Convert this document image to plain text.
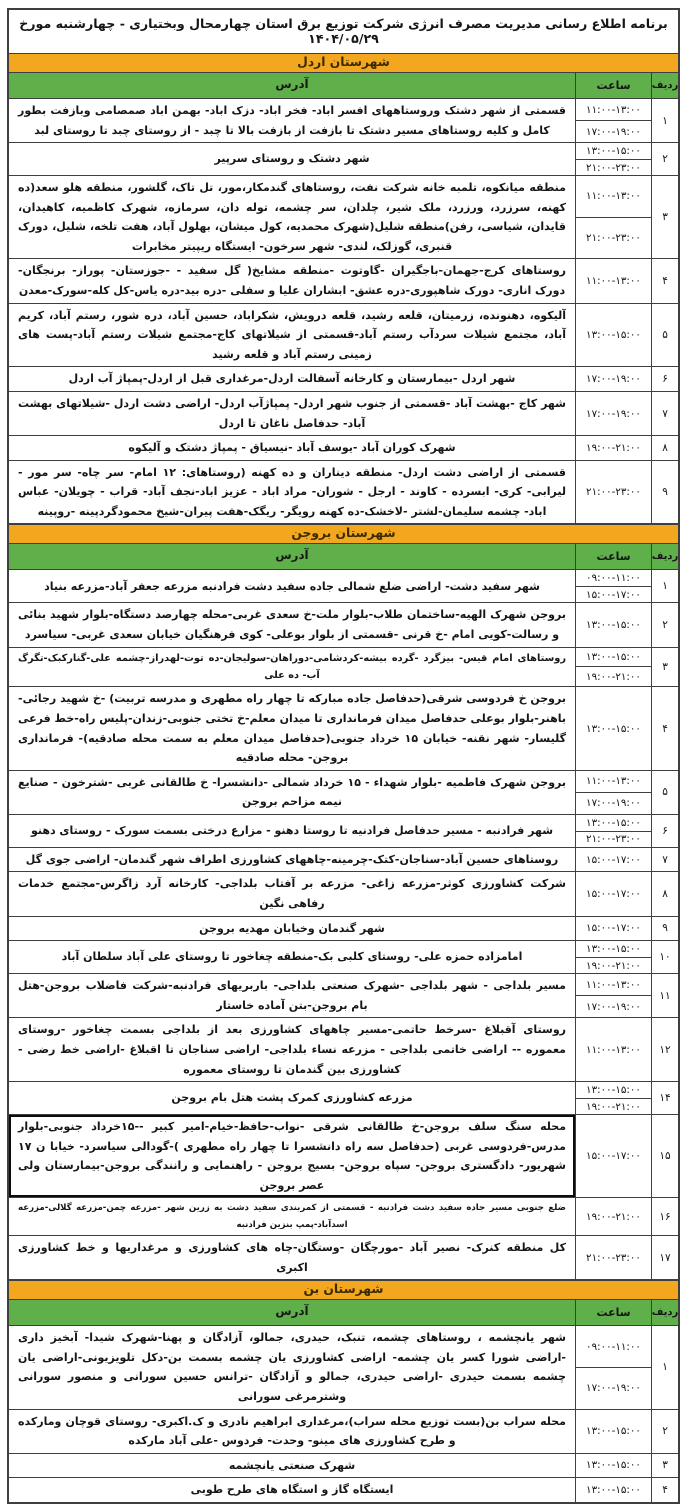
برنامه اطلاع رسانی مدیریت مصرف انرژی شرکت توزیع برق استان چهارمحال وبختیاری - چهارشنبه مورخ ۱۴۰۴/۰۵/۲۹
شهرستان اردل
ردیف
ساعت
آدرس
۱
۱۱:۰۰-۱۳:۰۰
۱۷:۰۰-۱۹:۰۰
قسمتی از شهر دشتک وروستاههای افسر اباد- فخر اباد- دزک اباد- بهمن اباد صمصامی وبازفت بطور کامل و کلیه روستاهای مسیر دشتک تا بازفت از بازفت بالا تا چبد - از روستای چبد تا روستای لبد
۲
۱۳:۰۰-۱۵:۰۰
۲۱:۰۰-۲۳:۰۰
شهر دشتک و روستای سرپیر
۳
۱۱:۰۰-۱۳:۰۰
۲۱:۰۰-۲۳:۰۰
منطقه میانکوه، تلمبه خانه شرکت نفت، روستاهای گندمکار،مور، تل تاک، گلشور، منطقه هلو سعد(ده کهنه، سرزرد، ورزرد، ملک شیر، چلدان، سر چشمه، توله دان، سرمازه، شهرک کاظمیه، کاهیدان، قایدان، شیاسی، رفن)منطقه شلیل(شهرک محمدیه، کول میشان، بهلول آباد، هفت تلخه، شلیل، دورک قنبری، گوزلک، لندی- شهر سرخون- ایستگاه ریپیتر مخابرات
۴
۱۱:۰۰-۱۳:۰۰
روستاهای کرج-جهمان-باجگیران -گاوتوت -منطقه مشایخ( گل سفید - -جوزستان- پوراز- برنجگان- دورک اناری- دورک شاهپوری-دره عشق- ابشاران علیا و سفلی -دره بید-دره یاس-کل کله-سورک-معدن
۵
۱۳:۰۰-۱۵:۰۰
آلیکوه، دهنونده، زرمیتان، قلعه رشید، قلعه درویش، شکراباد، حسین آباد، دره شور، رستم آباد، کریم آباد، مجتمع شیلات سردآب رستم آباد-قسمتی از شیلاتهای کاج-مجتمع شیلات رستم آباد-پست های زمینی رستم آباد و قلعه رشید
۶
۱۷:۰۰-۱۹:۰۰
شهر اردل -بیمارستان و کارخانه آسفالت اردل-مرغداری قبل از اردل-پمپاژ آب اردل
۷
۱۷:۰۰-۱۹:۰۰
شهر کاج -بهشت آباد -قسمتی از جنوب شهر اردل- پمپاژآب اردل- اراضی دشت اردل -شیلاتهای بهشت آباد- حدفاصل ناغان تا اردل
۸
۱۹:۰۰-۲۱:۰۰
شهرک کوران آباد -یوسف آباد -نیسیاق - پمپاژ دشتک و آلیکوه
۹
۲۱:۰۰-۲۳:۰۰
قسمتی از اراضی دشت اردل- منطقه دیناران و ده کهنه (روستاهای: ۱۲ امام- سر چاه- سر مور - لیرابی- کری- ابسرده - کاوند - ارجل - شوران- مراد اباد - عزیز اباد-نجف آباد- قراب - چویلان- عباس اباد- چشمه سلیمان-لشتر -لاخشک-ده کهنه رویگر- ریگک-هفت پیران-شیخ محمودگردپینه -روپینه
شهرستان بروجن
ردیف
ساعت
آدرس
۱
۰۹:۰۰-۱۱:۰۰
۱۵:۰۰-۱۷:۰۰
شهر سفید دشت- اراضی ضلع شمالی جاده سفید دشت فرادنبه مزرعه جعفر آباد-مزرعه بنیاد
۲
۱۳:۰۰-۱۵:۰۰
بروجن شهرک الهیه-ساختمان طلاب-بلوار ملت-خ سعدی غربی-محله چهارصد دستگاه-بلوار شهید بنائی و رسالت-کویی امام -خ قرنی -قسمتی از بلوار بوعلی- کوی فرهنگیان خیابان سعدی غربی- سیاسرد
۳
۱۳:۰۰-۱۵:۰۰
۱۹:۰۰-۲۱:۰۰
روستاهای امام قیس- بیزگرد -گرده بیشه-کردشامی-دوراهان-سولیجان-ده توت-لهدراز-چشمه علی-گنارکبک-تگرگ آب- ده علی
۴
۱۳:۰۰-۱۵:۰۰
بروجن خ فردوسی شرقی(حدفاصل جاده مبارکه تا چهار راه مطهری و مدرسه تربیت) -خ شهید رجائی-باهنر-بلوار بوعلی حدفاصل میدان فرمانداری تا میدان معلم-خ تختی جنوبی-زندان-پلیس راه-خط فرعی گلیسار- شهر نقنه- خیابان ۱۵ خرداد جنوبی(حدفاصل میدان معلم به سمت محله صادقیه)- فرمانداری بروجن- محله صادقیه
۵
۱۱:۰۰-۱۳:۰۰
۱۷:۰۰-۱۹:۰۰
بروجن شهرک فاطمیه -بلوار شهداء - ۱۵ خرداد شمالی -دانشسرا- خ طالقانی غربی -شترخون - صنایع نیمه مزاحم بروجن
۶
۱۳:۰۰-۱۵:۰۰
۲۱:۰۰-۲۳:۰۰
شهر فرادنبه - مسیر حدفاصل فرادنیه تا روستا دهنو - مزارع درختی بسمت سورک - روستای دهنو
۷
۱۵:۰۰-۱۷:۰۰
روستاهای حسین آباد-سناجان-کتک-چرمینه-چاههای کشاورزی اطراف شهر گندمان- اراضی جوی گل
۸
۱۵:۰۰-۱۷:۰۰
شرکت کشاورزی کوثر-مزرعه زاغی- مزرعه بر آفتاب بلداجی- کارخانه آرد زاگرس-مجتمع خدمات رفاهی نگین
۹
۱۵:۰۰-۱۷:۰۰
شهر گندمان وخیابان مهدیه بروجن
۱۰
۱۳:۰۰-۱۵:۰۰
۱۹:۰۰-۲۱:۰۰
امامزاده حمزه علی- روستای کلبی بک-منطقه چغاخور تا روستای علی آباد سلطان آباد
۱۱
۱۱:۰۰-۱۳:۰۰
۱۷:۰۰-۱۹:۰۰
مسیر بلداجی - شهر بلداجی -شهرک صنعتی بلداجی- باربریهای فرادنبه-شرکت فاضلاب بروجن-هتل بام بروجن-بتن آماده خاستار
۱۲
۱۱:۰۰-۱۳:۰۰
روستای آقبلاغ -سرخط حاتمی-مسیر چاههای کشاورزی بعد از بلداجی بسمت چغاخور -روستای معموره -- اراضی خاتمی بلداجی - مزرعه نساء بلداجی- اراضی سناجان تا اقبلاغ -اراضی خط رضی - کشاورزی بین گندمان تا روستای معموره
۱۴
۱۳:۰۰-۱۵:۰۰
۱۹:۰۰-۲۱:۰۰
مزرعه کشاورزی کمرک پشت هتل بام بروجن
۱۵
۱۵:۰۰-۱۷:۰۰
محله سنگ سلف بروجن-خ طالقانی شرقی -نواب-حافظ-خیام-امیر کبیر --۱۵خرداد جنوبی-بلوار مدرس-فردوسی غربی (حدفاصل سه راه دانشسرا تا چهار راه مطهری )-گودالی سیاسرد- خیابا ن ۱۷ شهریور- دادگستری بروجن- سپاه بروجن- بسیج بروجن - راهنمایی و رانندگی بروجن-بیمارستان ولی عصر بروجن
۱۶
۱۹:۰۰-۲۱:۰۰
ضلع جنوبی مسیر جاده سفید دشت فرادنبه - قسمتی از کمربندی سفید دشت به زرین شهر -مزرعه چمن-مزرعه گلالی-مزرعه اسدآباد-پمپ بنزین فرادنبه
۱۷
۲۱:۰۰-۲۳:۰۰
کل منطقه کنرک- نصیر آباد -مورچگان -وستگان-چاه های کشاورزی و مرغداریها و خط کشاورزی اکبری
شهرستان بن
ردیف
ساعت
آدرس
۱
۰۹:۰۰-۱۱:۰۰
۱۷:۰۰-۱۹:۰۰
شهر یانچشمه ، روستاهای چشمه، تنبک، حیدری، جمالو، آزادگان و پهنا-شهرک شیدا- آبخیز داری -اراضی شورا کسر یان چشمه- اراضی کشاورزی یان چشمه بسمت بن-دکل تلویزیونی-اراضی یان چشمه بسمت حیدری -اراضی حیدری، جمالو و آزادگان -ترانس حسین سورانی و منصور سورانی وشترمرغی سورانی
۲
۱۳:۰۰-۱۵:۰۰
محله سراب بن(بست توزیع محله سراب)،مرغداری ابراهیم نادری و ک.اکبری- روستای قوچان ومارکده و طرح کشاورزی های مینو- وحدت- فردوس -علی آباد مارکده
۳
۱۳:۰۰-۱۵:۰۰
شهرک صنعتی یانچشمه
۴
۱۳:۰۰-۱۵:۰۰
ایستگاه گاز و استگاه های طرح طوبی
